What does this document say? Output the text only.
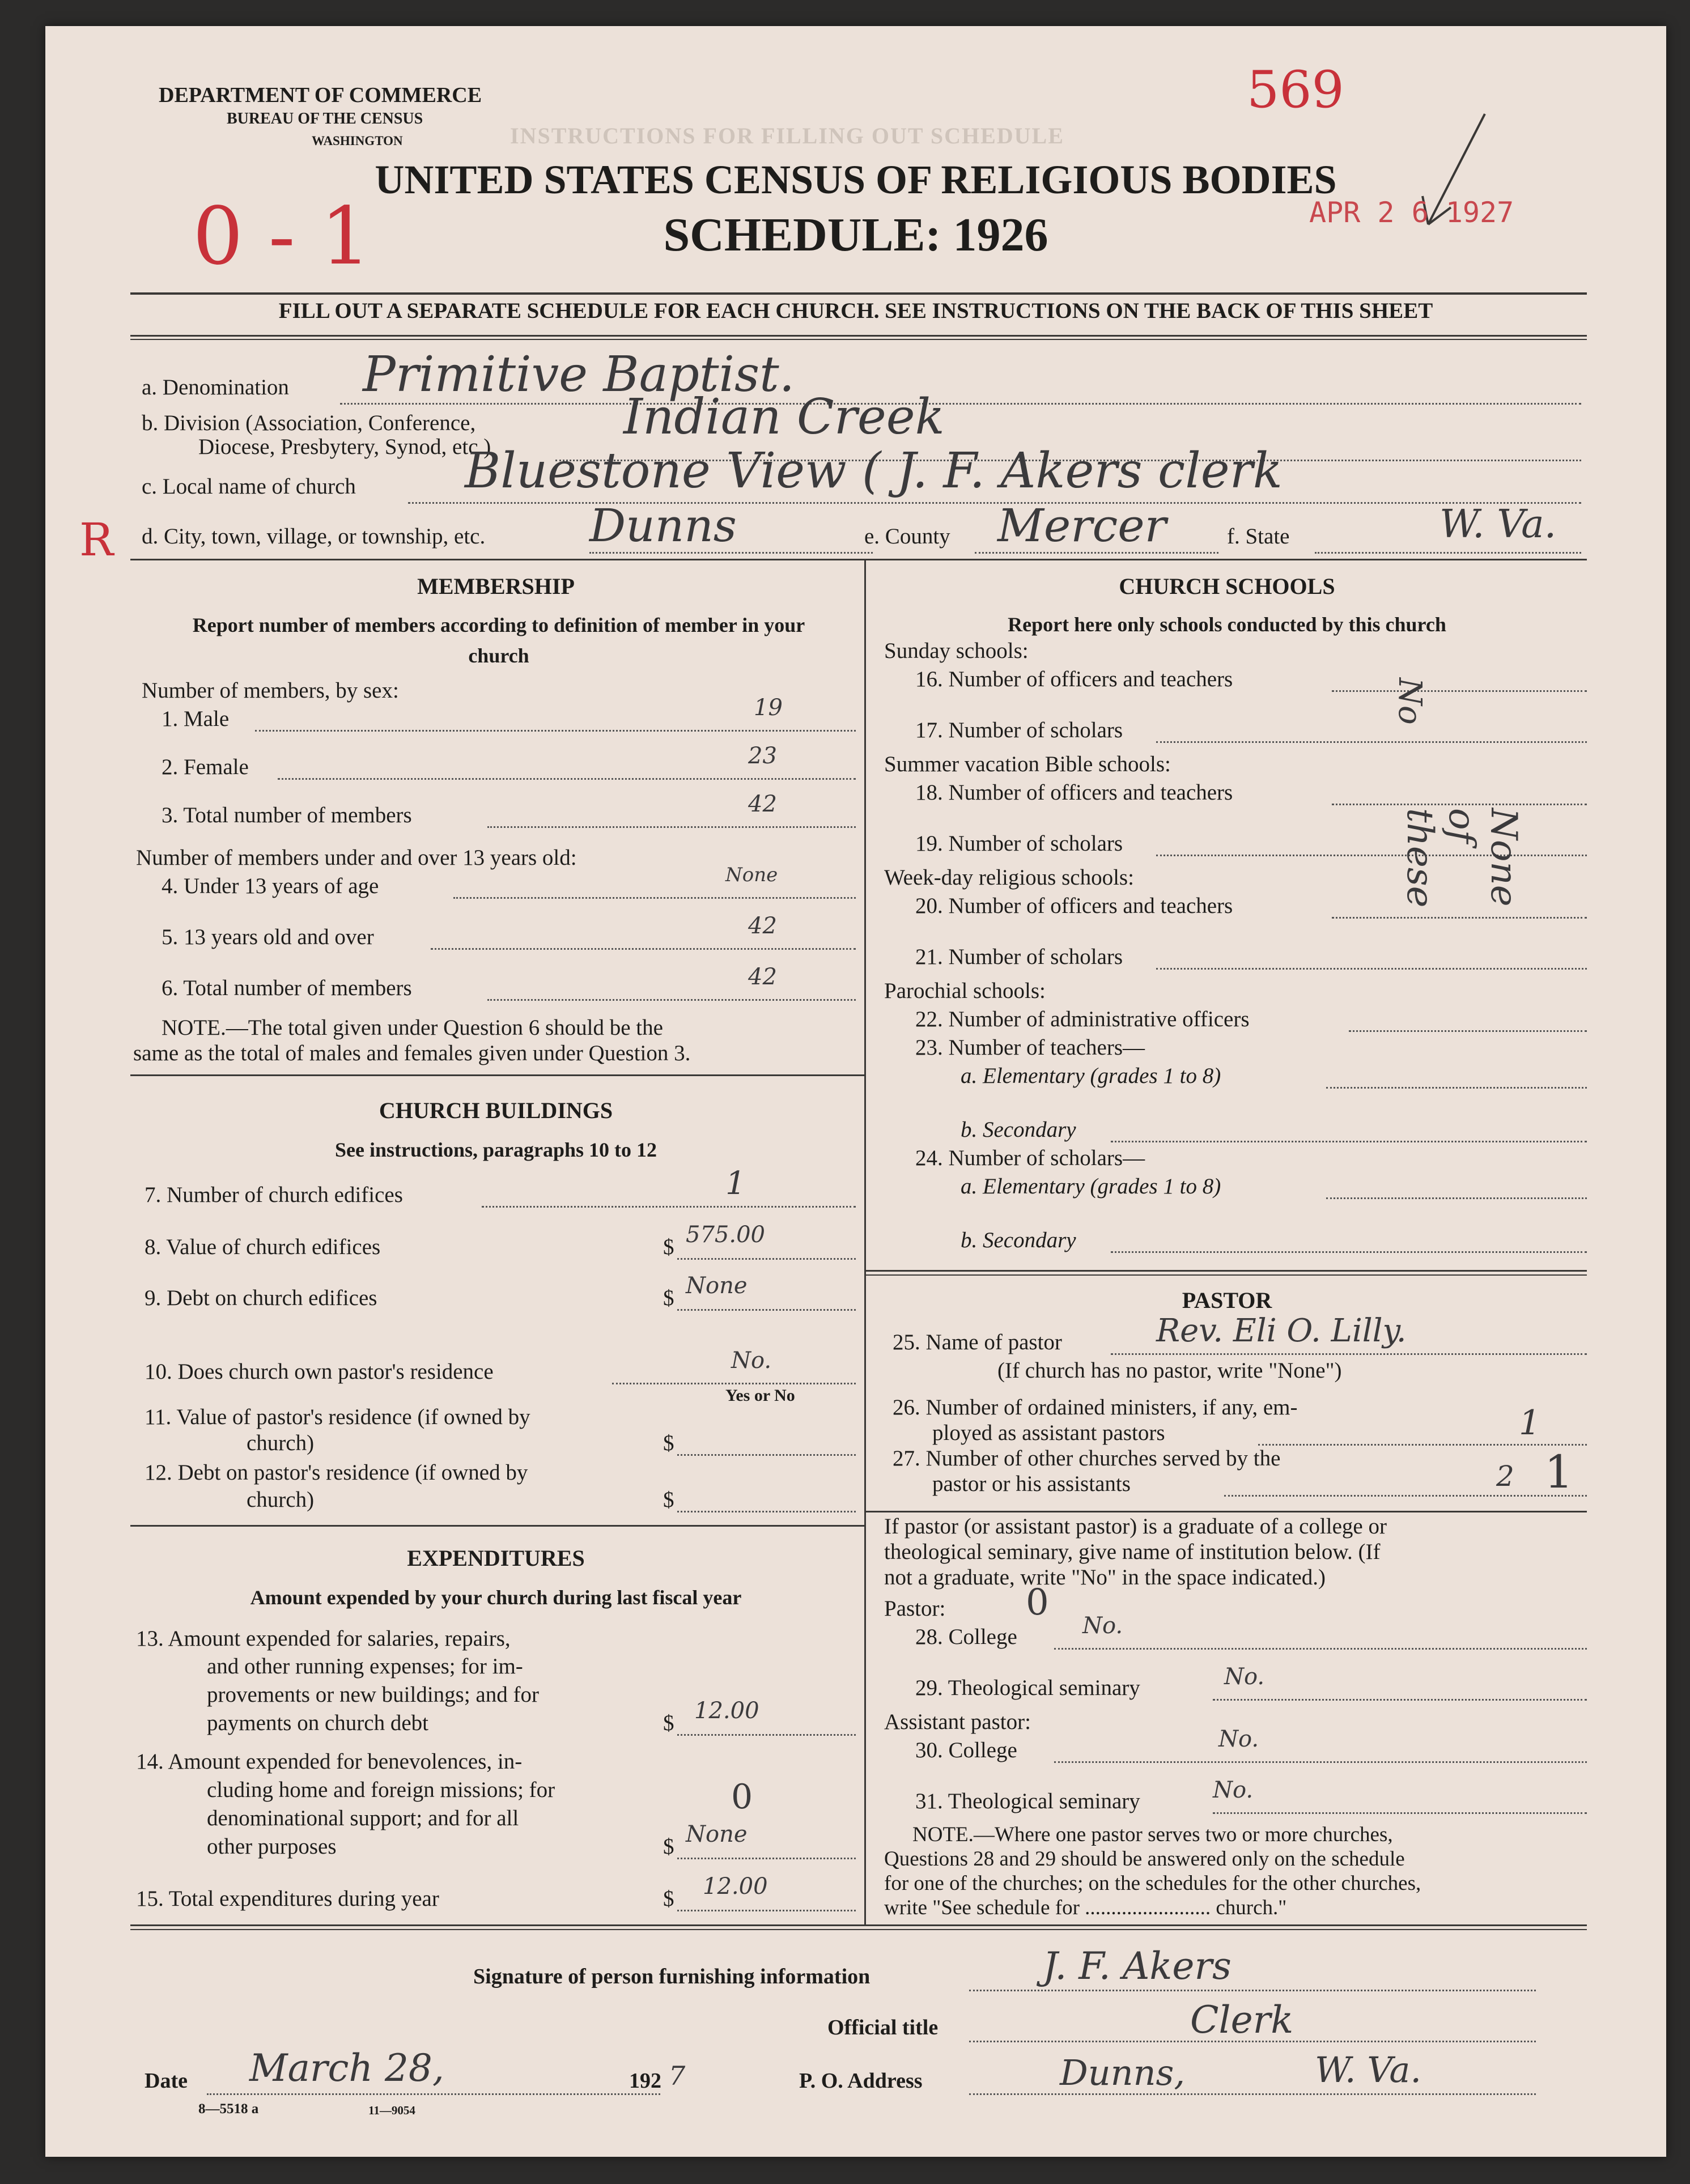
INSTRUCTIONS FOR FILLING OUT SCHEDULE
DEPARTMENT OF COMMERCE
BUREAU OF THE CENSUS
WASHINGTON
569
UNITED STATES CENSUS OF RELIGIOUS BODIES
SCHEDULE: 1926	APR 2 6 1927
0 - 1
FILL OUT A SEPARATE SCHEDULE FOR EACH CHURCH. SEE INSTRUCTIONS ON THE BACK OF THIS SHEET
a. Denomination Primitive Baptist.
b. Division (Association, Conference,
Diocese, Presbytery, Synod, etc.)
Indian Creek
c. Local name of church Bluestone View ( J. F. Akers clerk
R d. City, town, village, or township, etc. Dunns	e. County Mercer	f. State	W. Va.
MEMBERSHIP
Report number of members according to definition of member in your church
Number of members, by sex:
1. Male	19
2. Female	23
3. Total number of members	42
Number of members under and over 13 years old:
4. Under 13 years of age	None
5. 13 years old and over	42
6. Total number of members	42
NOTE.—The total given under Question 6 should be the
same as the total of males and females given under Question 3.
CHURCH BUILDINGS
See instructions, paragraphs 10 to 12
7. Number of church edifices	1
8. Value of church edifices	$ 575.00
9. Debt on church edifices	$ None
10. Does church own pastor's residence	No.
Yes or No
11. Value of pastor's residence (if owned by
church)	$
12. Debt on pastor's residence (if owned by
church)	$
EXPENDITURES
Amount expended by your church during last fiscal year
13. Amount expended for salaries, repairs,
and other running expenses; for im-
provements or new buildings; and for
payments on church debt	$ 12.00
14. Amount expended for benevolences, in-
cluding home and foreign missions; for
denominational support; and for all
other purposes	$ None
0
15. Total expenditures during year	$ 12.00
CHURCH SCHOOLS
Report here only schools conducted by this church
Sunday schools:
16. Number of officers and teachers
17. Number of scholars
Summer vacation Bible schools:
18. Number of officers and teachers
19. Number of scholars
Week-day religious schools:
20. Number of officers and teachers
21. Number of scholars
Parochial schools:
22. Number of administrative officers
23. Number of teachers—
a. Elementary (grades 1 to 8)
b. Secondary
24. Number of scholars—
a. Elementary (grades 1 to 8)
b. Secondary
No
None of these
PASTOR
25. Name of pastor	Rev. Eli O. Lilly.
(If church has no pastor, write "None")
26. Number of ordained ministers, if any, em-
ployed as assistant pastors	1
27. Number of other churches served by the
pastor or his assistants	2 1
If pastor (or assistant pastor) is a graduate of a college or
theological seminary, give name of institution below. (If
not a graduate, write "No" in the space indicated.)
Pastor: 0
28. College	No.
29. Theological seminary	No.
Assistant pastor:
30. College	No.
31. Theological seminary	No.
NOTE.—Where one pastor serves two or more churches,
Questions 28 and 29 should be answered only on the schedule
for one of the churches; on the schedules for the other churches,
write "See schedule for ........................ church."
Signature of person furnishing information	J. F. Akers
Official title	Clerk
Date March 28,	192 7	P. O. Address	Dunns,	W. Va.
8—5518 a	11—9054
